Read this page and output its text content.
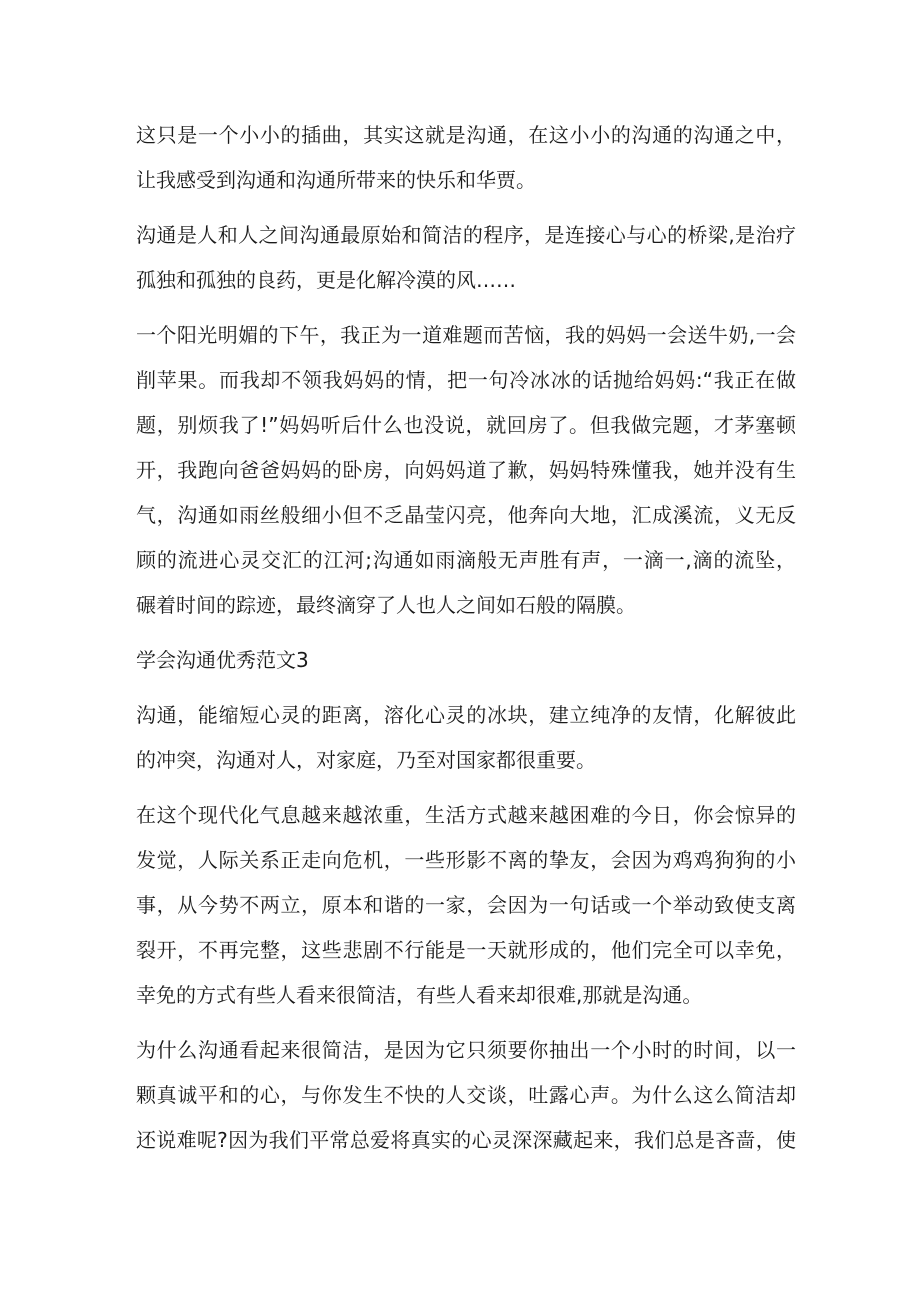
这只是一个小小的插曲，其实这就是沟通，在这小小的沟通的沟通之中，
让我感受到沟通和沟通所带来的快乐和华贾。
沟通是人和人之间沟通最原始和简洁的程序，是连接心与心的桥梁,是治疗
孤独和孤独的良药，更是化解冷漠的风……
一个阳光明媚的下午，我正为一道难题而苦恼，我的妈妈一会送牛奶,一会
削苹果。而我却不领我妈妈的情，把一句冷冰冰的话抛给妈妈:“我正在做
题，别烦我了!”妈妈听后什么也没说，就回房了。但我做完题，才茅塞顿
开，我跑向爸爸妈妈的卧房，向妈妈道了歉，妈妈特殊懂我，她并没有生
气，沟通如雨丝般细小但不乏晶莹闪亮，他奔向大地，汇成溪流，义无反
顾的流进心灵交汇的江河;沟通如雨滴般无声胜有声，一滴一,滴的流坠，
碾着时间的踪迹，最终滴穿了人也人之间如石般的隔膜。
学会沟通优秀范文3
沟通，能缩短心灵的距离，溶化心灵的冰块，建立纯净的友情，化解彼此
的冲突，沟通对人，对家庭，乃至对国家都很重要。
在这个现代化气息越来越浓重，生活方式越来越困难的今日，你会惊异的
发觉，人际关系正走向危机，一些形影不离的挚友，会因为鸡鸡狗狗的小
事，从今势不两立，原本和谐的一家，会因为一句话或一个举动致使支离
裂开，不再完整，这些悲剧不行能是一天就形成的，他们完全可以幸免，
幸免的方式有些人看来很简洁，有些人看来却很难,那就是沟通。
为什么沟通看起来很简洁，是因为它只须要你抽出一个小时的时间，以一
颗真诚平和的心，与你发生不快的人交谈，吐露心声。为什么这么简洁却
还说难呢?因为我们平常总爱将真实的心灵深深藏起来，我们总是吝啬，使
